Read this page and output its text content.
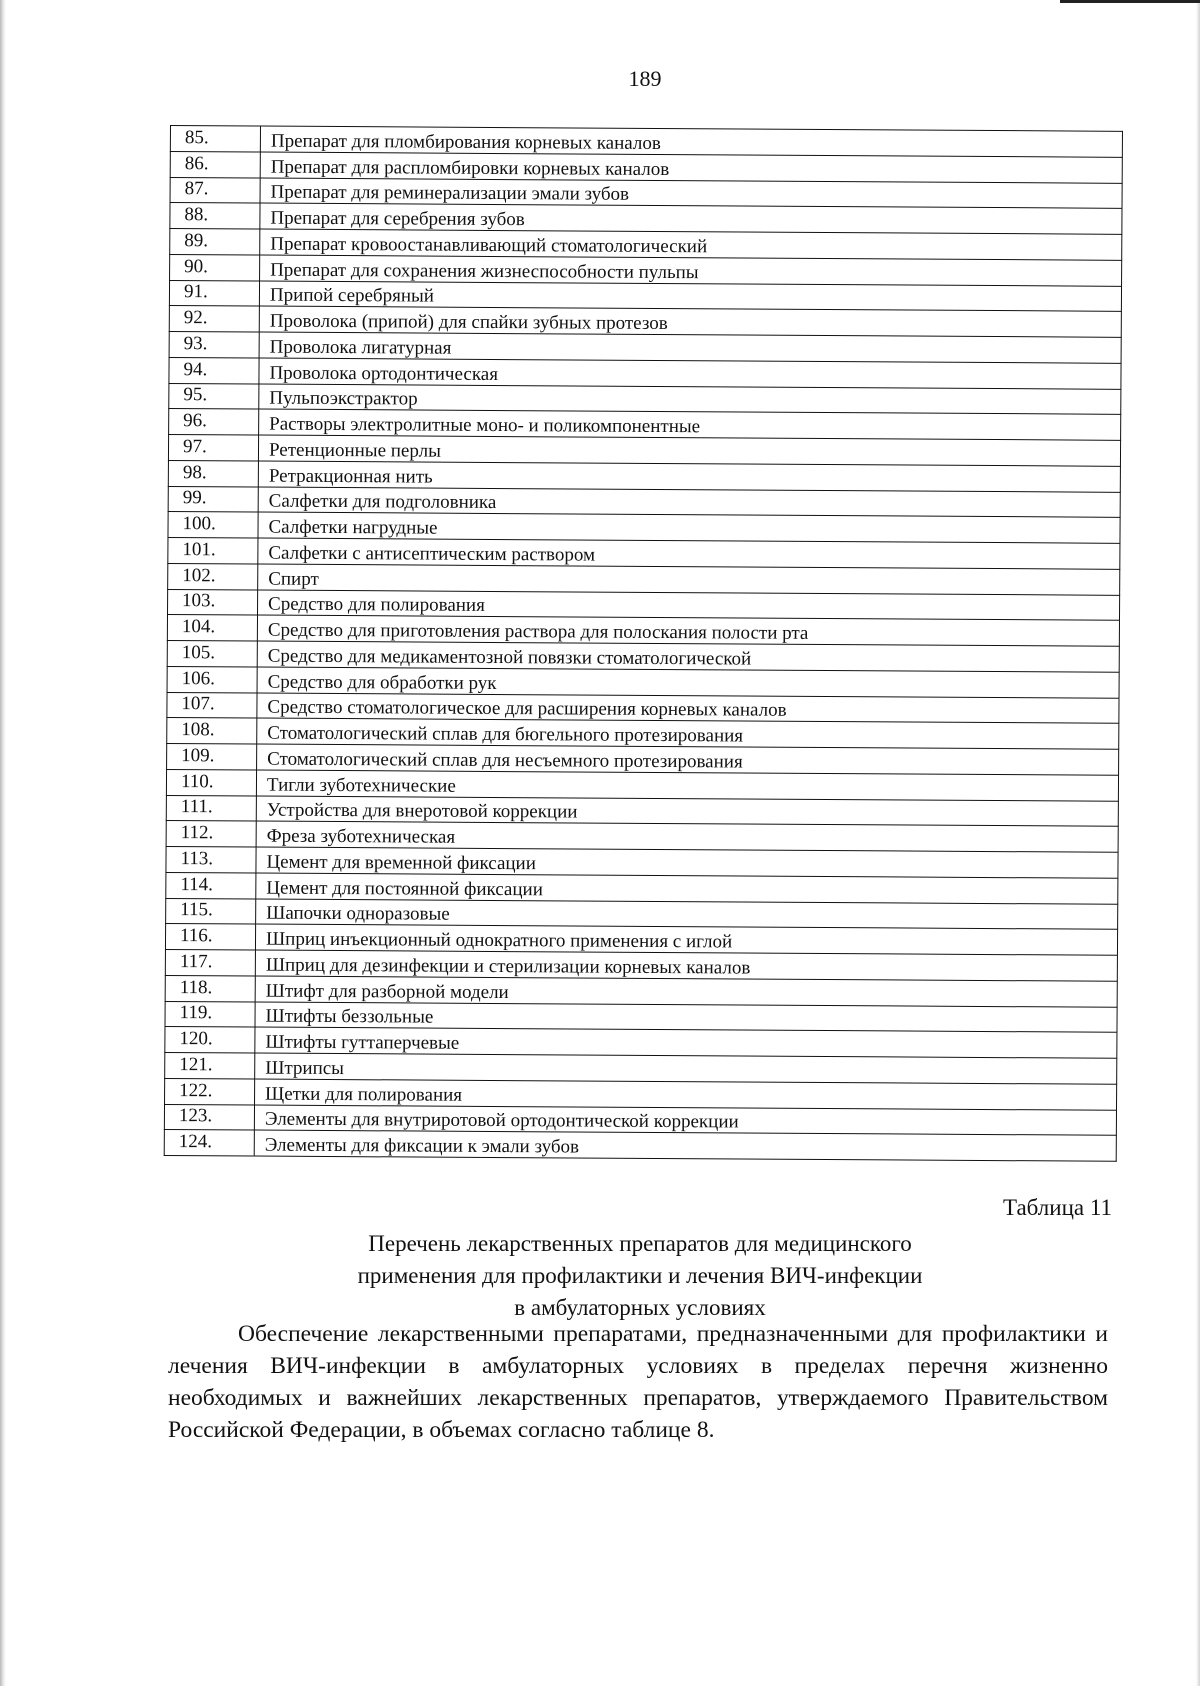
189
85.	Препарат для пломбирования корневых каналов
86.	Препарат для распломбировки корневых каналов
87.	Препарат для реминерализации эмали зубов
88.	Препарат для серебрения зубов
89.	Препарат кровоостанавливающий стоматологический
90.	Препарат для сохранения жизнеспособности пульпы
91.	Припой серебряный
92.	Проволока (припой) для спайки зубных протезов
93.	Проволока лигатурная
94.	Проволока ортодонтическая
95.	Пульпоэкстрактор
96.	Растворы электролитные моно- и поликомпонентные
97.	Ретенционные перлы
98.	Ретракционная нить
99.	Салфетки для подголовника
100.	Салфетки нагрудные
101.	Салфетки с антисептическим раствором
102.	Спирт
103.	Средство для полирования
104.	Средство для приготовления раствора для полоскания полости рта
105.	Средство для медикаментозной повязки стоматологической
106.	Средство для обработки рук
107.	Средство стоматологическое для расширения корневых каналов
108.	Стоматологический сплав для бюгельного протезирования
109.	Стоматологический сплав для несъемного протезирования
110.	Тигли зуботехнические
111.	Устройства для внеротовой коррекции
112.	Фреза зуботехническая
113.	Цемент для временной фиксации
114.	Цемент для постоянной фиксации
115.	Шапочки одноразовые
116.	Шприц инъекционный однократного применения с иглой
117.	Шприц для дезинфекции и стерилизации корневых каналов
118.	Штифт для разборной модели
119.	Штифты беззольные
120.	Штифты гуттаперчевые
121.	Штрипсы
122.	Щетки для полирования
123.	Элементы для внутриротовой ортодонтической коррекции
124.	Элементы для фиксации к эмали зубов
Таблица 11
Перечень лекарственных препаратов для медицинского
применения для профилактики и лечения ВИЧ-инфекции
в амбулаторных условиях
Обеспечение лекарственными препаратами, предназначенными для профилактики и лечения ВИЧ-инфекции в амбулаторных условиях в пределах перечня жизненно необходимых и важнейших лекарственных препаратов, утверждаемого Правительством Российской Федерации, в объемах согласно таблице 8.
